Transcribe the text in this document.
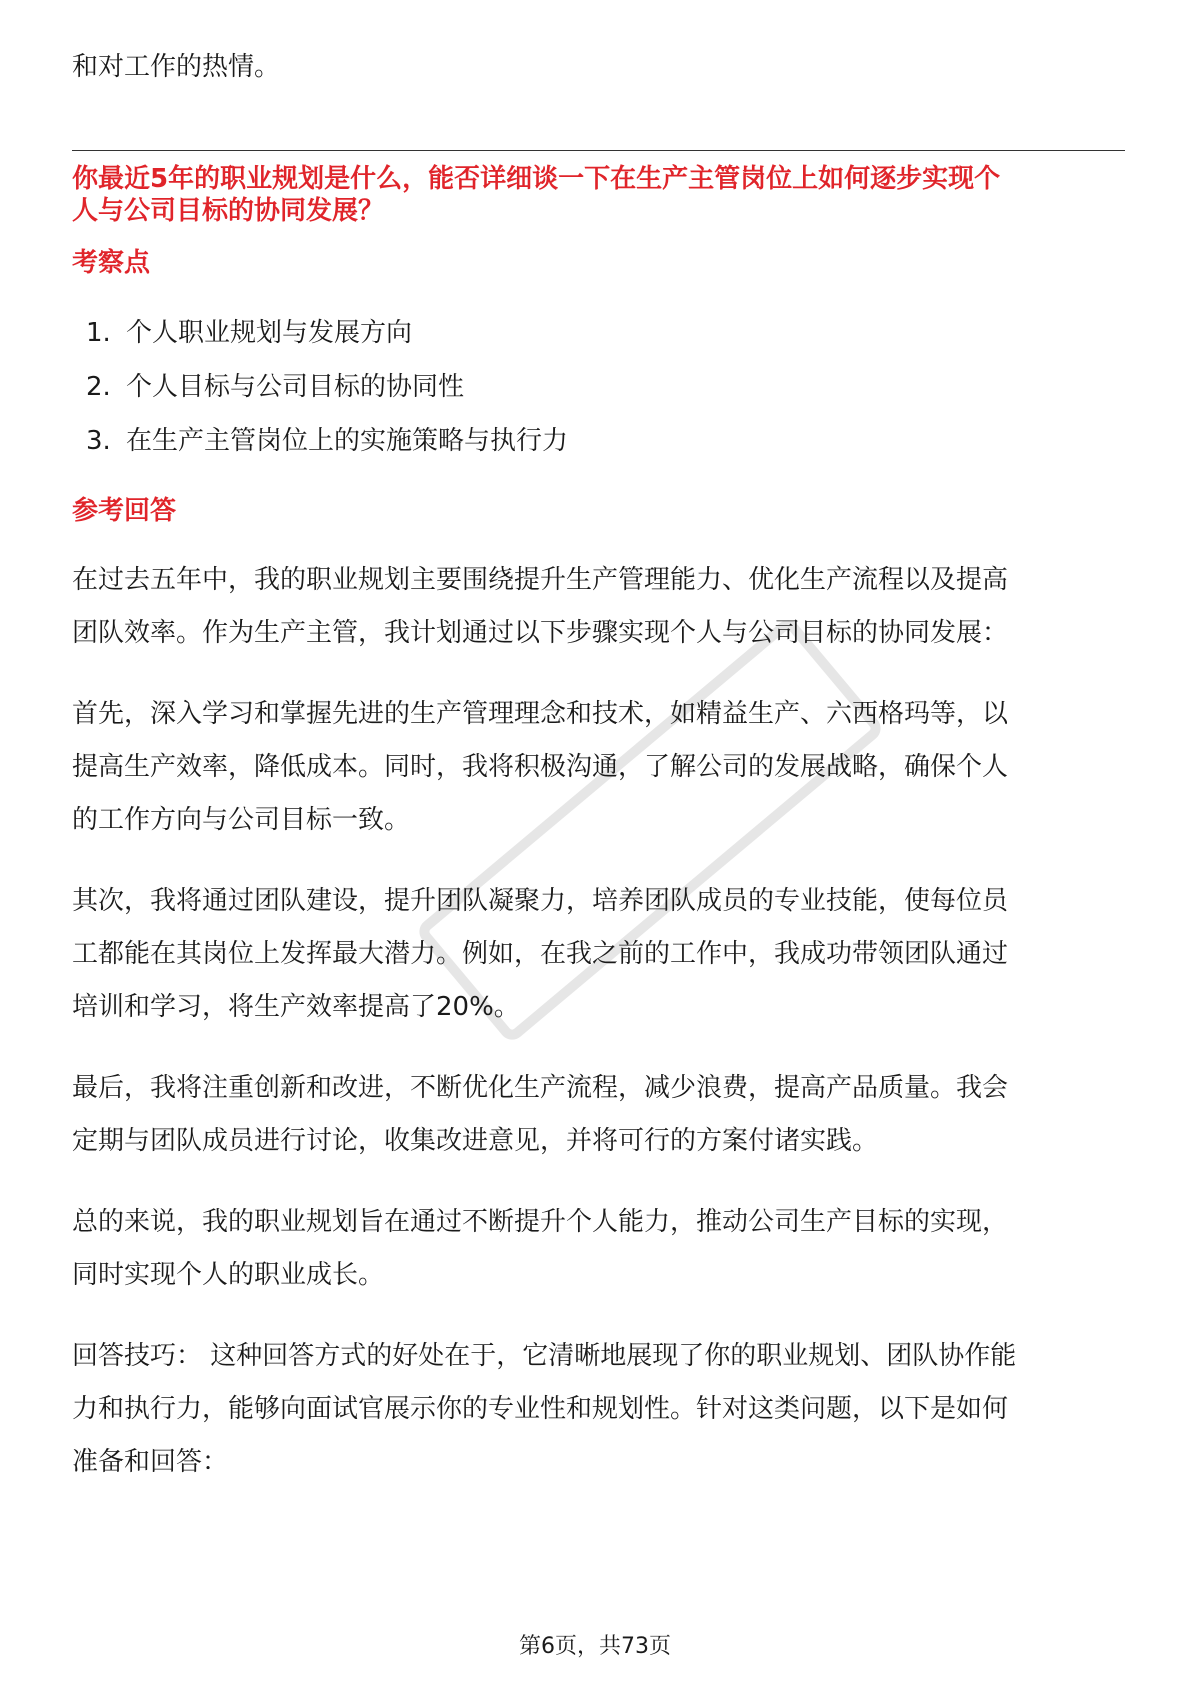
和对工作的热情。
你最近5年的职业规划是什么，能否详细谈一下在生产主管岗位上如何逐步实现个
人与公司目标的协同发展？
考察点
1. 个人职业规划与发展方向
2. 个人目标与公司目标的协同性
3. 在生产主管岗位上的实施策略与执行力
参考回答
在过去五年中，我的职业规划主要围绕提升生产管理能力、优化生产流程以及提高
团队效率。作为生产主管，我计划通过以下步骤实现个人与公司目标的协同发展：
首先，深入学习和掌握先进的生产管理理念和技术，如精益生产、六西格玛等，以
提高生产效率，降低成本。同时，我将积极沟通，了解公司的发展战略，确保个人
的工作方向与公司目标一致。
其次，我将通过团队建设，提升团队凝聚力，培养团队成员的专业技能，使每位员
工都能在其岗位上发挥最大潜力。例如，在我之前的工作中，我成功带领团队通过
培训和学习，将生产效率提高了20%。
最后，我将注重创新和改进，不断优化生产流程，减少浪费，提高产品质量。我会
定期与团队成员进行讨论，收集改进意见，并将可行的方案付诸实践。
总的来说，我的职业规划旨在通过不断提升个人能力，推动公司生产目标的实现，
同时实现个人的职业成长。
回答技巧： 这种回答方式的好处在于，它清晰地展现了你的职业规划、团队协作能
力和执行力，能够向面试官展示你的专业性和规划性。针对这类问题，以下是如何
准备和回答：
第6页，共73页
